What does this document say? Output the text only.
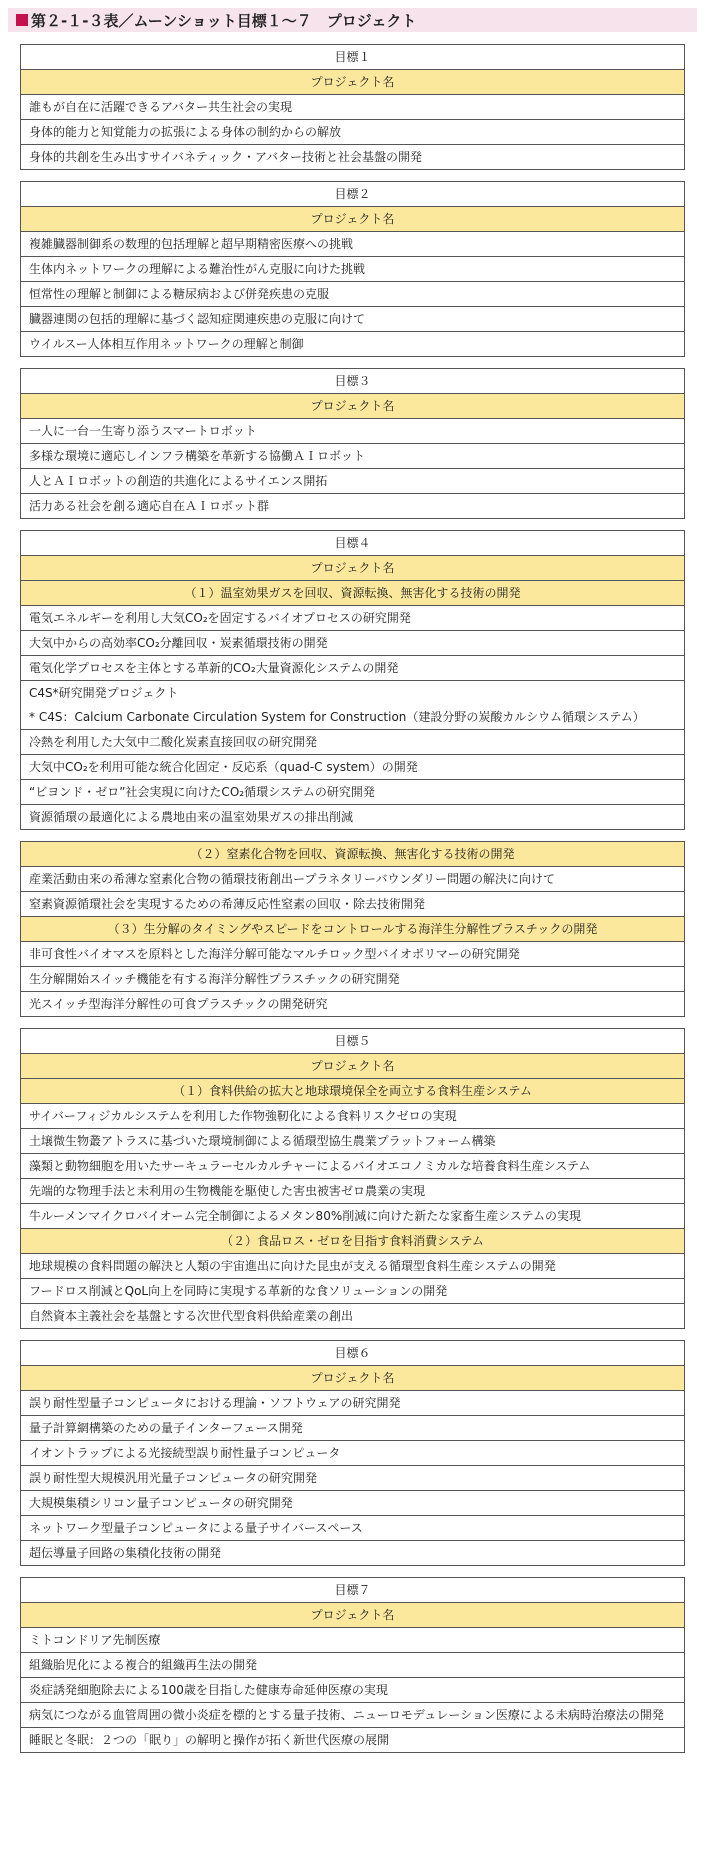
第２-１-３表／ムーンショット目標１～７　プロジェクト
目標１
プロジェクト名
誰もが自在に活躍できるアバター共生社会の実現
身体的能力と知覚能力の拡張による身体の制約からの解放
身体的共創を生み出すサイバネティック・アバター技術と社会基盤の開発
目標２
プロジェクト名
複雑臓器制御系の数理的包括理解と超早期精密医療への挑戦
生体内ネットワークの理解による難治性がん克服に向けた挑戦
恒常性の理解と制御による糖尿病および併発疾患の克服
臓器連関の包括的理解に基づく認知症関連疾患の克服に向けて
ウイルスー人体相互作用ネットワークの理解と制御
目標３
プロジェクト名
一人に一台一生寄り添うスマートロボット
多様な環境に適応しインフラ構築を革新する協働ＡＩロボット
人とＡＩロボットの創造的共進化によるサイエンス開拓
活力ある社会を創る適応自在ＡＩロボット群
目標４
プロジェクト名
（１）温室効果ガスを回収、資源転換、無害化する技術の開発
電気エネルギーを利用し大気CO₂を固定するバイオプロセスの研究開発
大気中からの高効率CO₂分離回収・炭素循環技術の開発
電気化学プロセスを主体とする革新的CO₂大量資源化システムの開発
C4S*研究開発プロジェクト
* C4S：Calcium Carbonate Circulation System for Construction（建設分野の炭酸カルシウム循環システム）
冷熱を利用した大気中二酸化炭素直接回収の研究開発
大気中CO₂を利用可能な統合化固定・反応系（quad-C system）の開発
“ビヨンド・ゼロ”社会実現に向けたCO₂循環システムの研究開発
資源循環の最適化による農地由来の温室効果ガスの排出削減
（２）窒素化合物を回収、資源転換、無害化する技術の開発
産業活動由来の希薄な窒素化合物の循環技術創出ープラネタリーバウンダリー問題の解決に向けて
窒素資源循環社会を実現するための希薄反応性窒素の回収・除去技術開発
（３）生分解のタイミングやスピードをコントロールする海洋生分解性プラスチックの開発
非可食性バイオマスを原料とした海洋分解可能なマルチロック型バイオポリマーの研究開発
生分解開始スイッチ機能を有する海洋分解性プラスチックの研究開発
光スイッチ型海洋分解性の可食プラスチックの開発研究
目標５
プロジェクト名
（１）食料供給の拡大と地球環境保全を両立する食料生産システム
サイバーフィジカルシステムを利用した作物強靭化による食料リスクゼロの実現
土壌微生物叢アトラスに基づいた環境制御による循環型協生農業プラットフォーム構築
藻類と動物細胞を用いたサーキュラーセルカルチャーによるバイオエコノミカルな培養食料生産システム
先端的な物理手法と未利用の生物機能を駆使した害虫被害ゼロ農業の実現
牛ルーメンマイクロバイオーム完全制御によるメタン80%削減に向けた新たな家畜生産システムの実現
（２）食品ロス・ゼロを目指す食料消費システム
地球規模の食料問題の解決と人類の宇宙進出に向けた昆虫が支える循環型食料生産システムの開発
フードロス削減とQoL向上を同時に実現する革新的な食ソリューションの開発
自然資本主義社会を基盤とする次世代型食料供給産業の創出
目標６
プロジェクト名
誤り耐性型量子コンピュータにおける理論・ソフトウェアの研究開発
量子計算網構築のための量子インターフェース開発
イオントラップによる光接続型誤り耐性量子コンピュータ
誤り耐性型大規模汎用光量子コンピュータの研究開発
大規模集積シリコン量子コンピュータの研究開発
ネットワーク型量子コンピュータによる量子サイバースペース
超伝導量子回路の集積化技術の開発
目標７
プロジェクト名
ミトコンドリア先制医療
組織胎児化による複合的組織再生法の開発
炎症誘発細胞除去による100歳を目指した健康寿命延伸医療の実現
病気につながる血管周囲の微小炎症を標的とする量子技術、ニューロモデュレーション医療による未病時治療法の開発
睡眠と冬眠：２つの「眠り」の解明と操作が拓く新世代医療の展開
